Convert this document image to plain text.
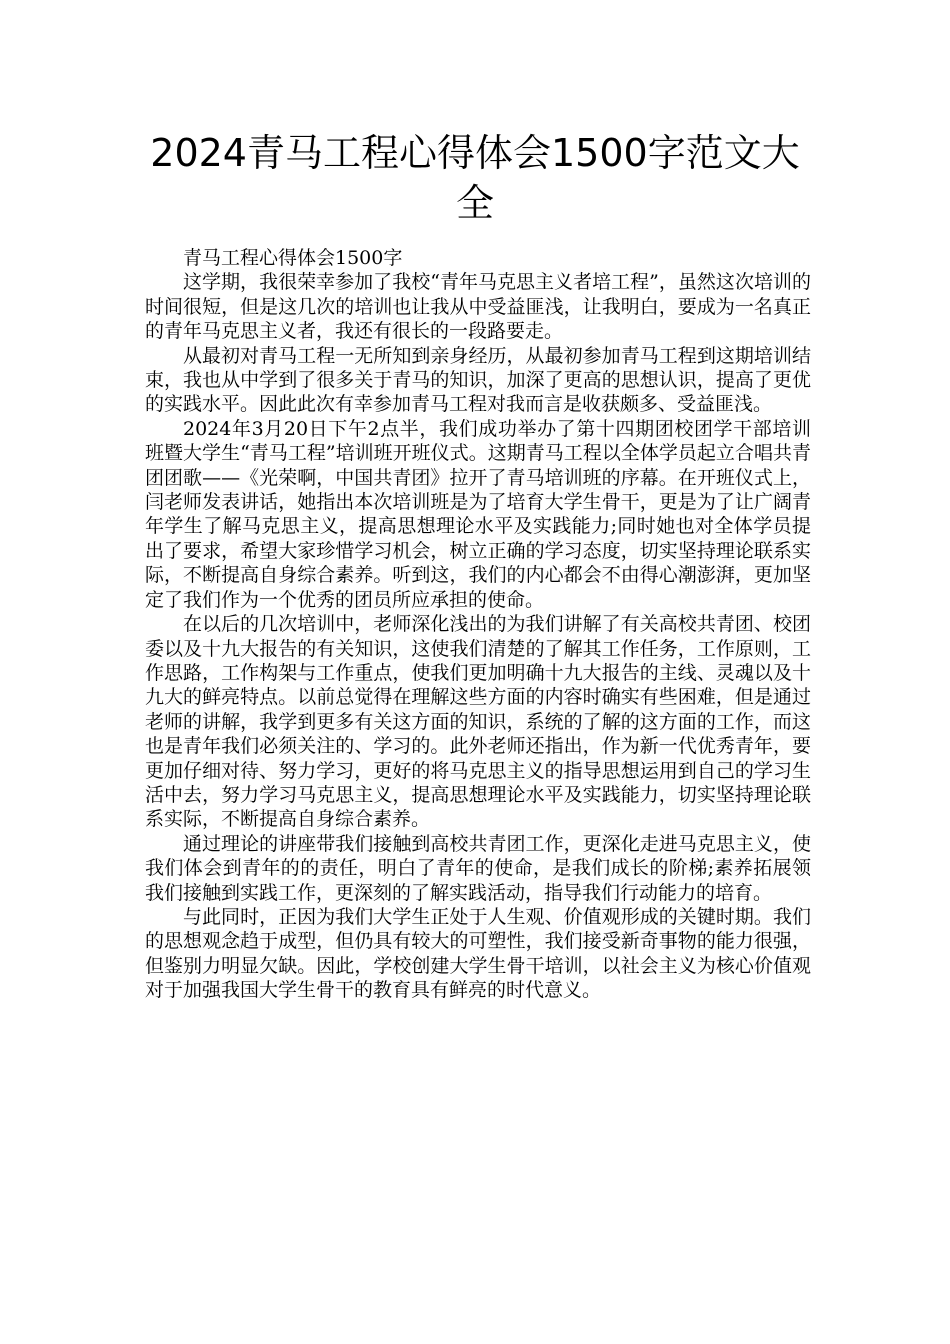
2024青马工程心得体会1500字范文大全

青马工程心得体会1500字

这学期，我很荣幸参加了我校“青年马克思主义者培工程”，虽然这次培训的时间很短，但是这几次的培训也让我从中受益匪浅，让我明白，要成为一名真正的青年马克思主义者，我还有很长的一段路要走。

从最初对青马工程一无所知到亲身经历，从最初参加青马工程到这期培训结束，我也从中学到了很多关于青马的知识，加深了更高的思想认识，提高了更优的实践水平。因此此次有幸参加青马工程对我而言是收获颇多、受益匪浅。

2024年3月20日下午2点半，我们成功举办了第十四期团校团学干部培训班暨大学生“青马工程”培训班开班仪式。这期青马工程以全体学员起立合唱共青团团歌——《光荣啊，中国共青团》拉开了青马培训班的序幕。在开班仪式上，闫老师发表讲话，她指出本次培训班是为了培育大学生骨干，更是为了让广阔青年学生了解马克思主义，提高思想理论水平及实践能力;同时她也对全体学员提出了要求，希望大家珍惜学习机会，树立正确的学习态度，切实坚持理论联系实际，不断提高自身综合素养。听到这，我们的内心都会不由得心潮澎湃，更加坚定了我们作为一个优秀的团员所应承担的使命。

在以后的几次培训中，老师深化浅出的为我们讲解了有关高校共青团、校团委以及十九大报告的有关知识，这使我们清楚的了解其工作任务，工作原则，工作思路，工作构架与工作重点，使我们更加明确十九大报告的主线、灵魂以及十九大的鲜亮特点。以前总觉得在理解这些方面的内容时确实有些困难，但是通过老师的讲解，我学到更多有关这方面的知识，系统的了解的这方面的工作，而这也是青年我们必须关注的、学习的。此外老师还指出，作为新一代优秀青年，要更加仔细对待、努力学习，更好的将马克思主义的指导思想运用到自己的学习生活中去，努力学习马克思主义，提高思想理论水平及实践能力，切实坚持理论联系实际，不断提高自身综合素养。

通过理论的讲座带我们接触到高校共青团工作，更深化走进马克思主义，使我们体会到青年的的责任，明白了青年的使命，是我们成长的阶梯;素养拓展领我们接触到实践工作，更深刻的了解实践活动，指导我们行动能力的培育。

与此同时，正因为我们大学生正处于人生观、价值观形成的关键时期。我们的思想观念趋于成型，但仍具有较大的可塑性，我们接受新奇事物的能力很强，但鉴别力明显欠缺。因此，学校创建大学生骨干培训，以社会主义为核心价值观对于加强我国大学生骨干的教育具有鲜亮的时代意义。
